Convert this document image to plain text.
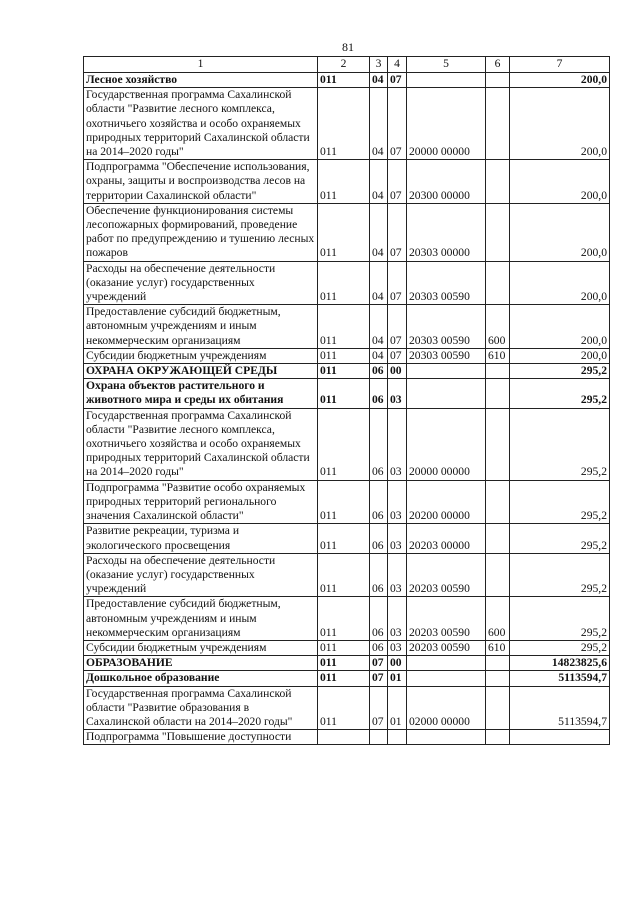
81
1	2	3	4	5	6	7
Лесное хозяйство	011	04	07			200,0
Государственная программа Сахалинской области "Развитие лесного комплекса, охотничьего хозяйства и особо охраняемых природных территорий Сахалинской области на 2014–2020 годы"	011	04	07	20000 00000		200,0
Подпрограмма "Обеспечение использования, охраны, защиты и воспроизводства лесов на территории Сахалинской области"	011	04	07	20300 00000		200,0
Обеспечение функционирования системы лесопожарных формирований, проведение работ по предупреждению и тушению лесных пожаров	011	04	07	20303 00000		200,0
Расходы на обеспечение деятельности (оказание услуг) государственных учреждений	011	04	07	20303 00590		200,0
Предоставление субсидий бюджетным, автономным учреждениям и иным некоммерческим организациям	011	04	07	20303 00590	600	200,0
Субсидии бюджетным учреждениям	011	04	07	20303 00590	610	200,0
ОХРАНА ОКРУЖАЮЩЕЙ СРЕДЫ	011	06	00			295,2
Охрана объектов растительного и животного мира и среды их обитания	011	06	03			295,2
Государственная программа Сахалинской области "Развитие лесного комплекса, охотничьего хозяйства и особо охраняемых природных территорий Сахалинской области на 2014–2020 годы"	011	06	03	20000 00000		295,2
Подпрограмма "Развитие особо охраняемых природных территорий регионального значения Сахалинской области"	011	06	03	20200 00000		295,2
Развитие рекреации, туризма и экологического просвещения	011	06	03	20203 00000		295,2
Расходы на обеспечение деятельности (оказание услуг) государственных учреждений	011	06	03	20203 00590		295,2
Предоставление субсидий бюджетным, автономным учреждениям и иным некоммерческим организациям	011	06	03	20203 00590	600	295,2
Субсидии бюджетным учреждениям	011	06	03	20203 00590	610	295,2
ОБРАЗОВАНИЕ	011	07	00			14823825,6
Дошкольное образование	011	07	01			5113594,7
Государственная программа Сахалинской области "Развитие образования в Сахалинской области на 2014–2020 годы"	011	07	01	02000 00000		5113594,7
Подпрограмма "Повышение доступности						
